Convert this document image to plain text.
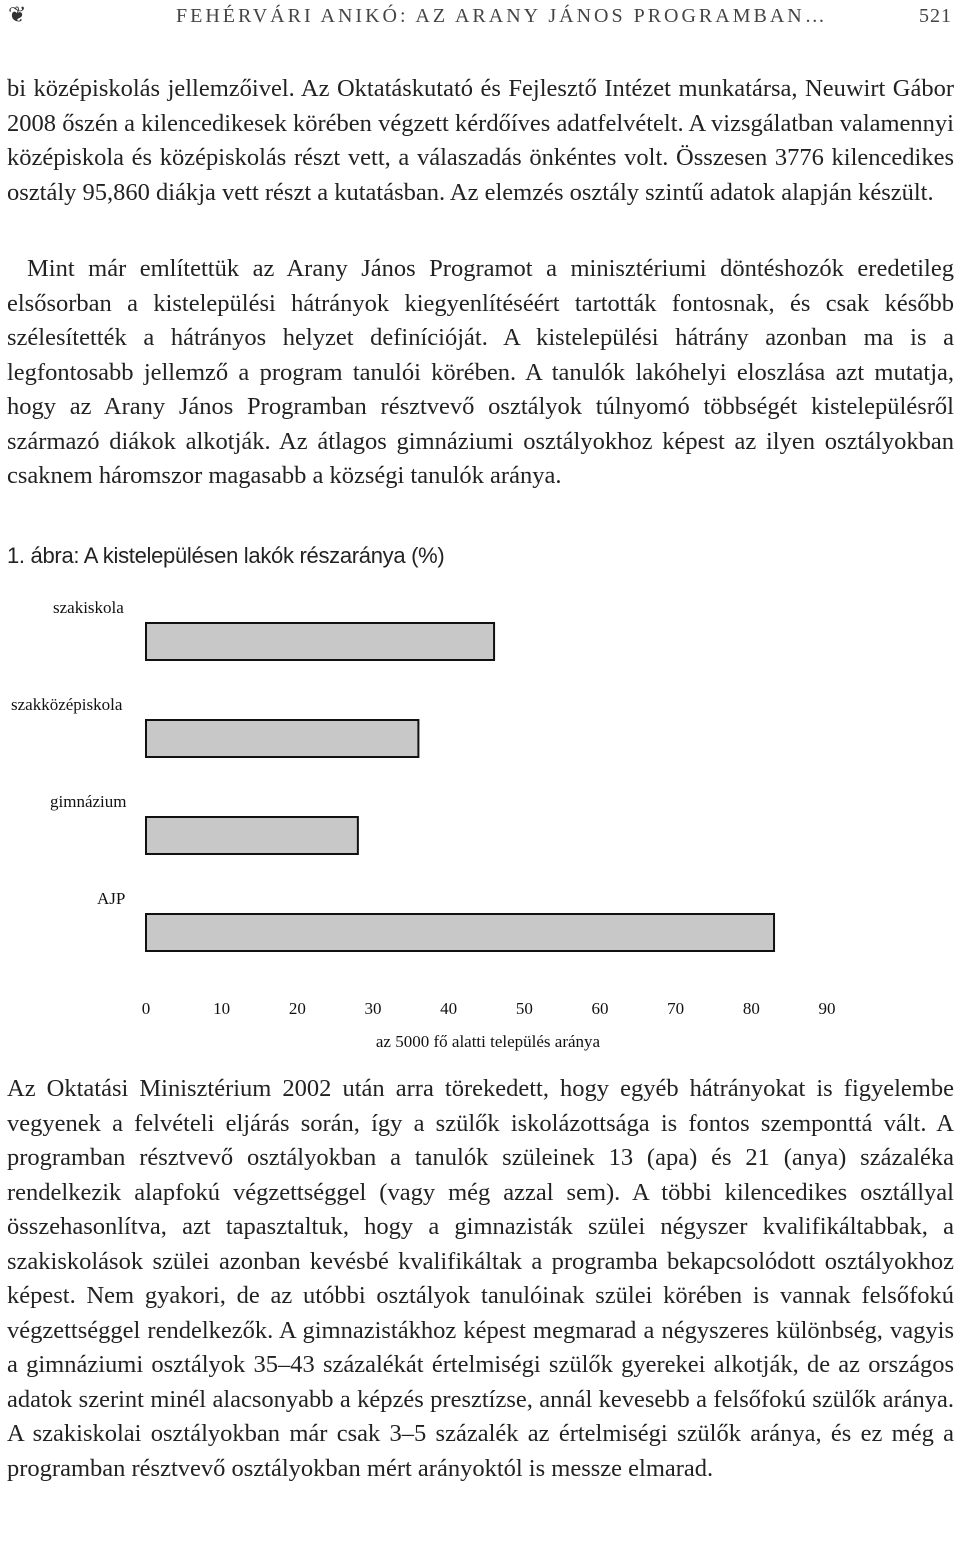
❦	FEHÉRVÁRI ANIKÓ: AZ ARANY JÁNOS PROGRAMBAN…	521

bi középiskolás jellemzőivel. Az Oktatáskutató és Fejlesztő Intézet munkatársa, Neuwirt Gábor 2008 őszén a kilencedikesek körében végzett kérdőíves adatfelvételt. A vizsgálatban valamennyi középiskola és középiskolás részt vett, a válaszadás önkéntes volt. Összesen 3776 kilencedikes osztály 95,860 diákja vett részt a kutatásban. Az elemzés osztály szintű adatok alapján készült.

Mint már említettük az Arany János Programot a minisztériumi döntéshozók eredetileg elsősorban a kistelepülési hátrányok kiegyenlítéséért tartották fontosnak, és csak később szélesítették a hátrányos helyzet definícióját. A kistelepülési hátrány azonban ma is a legfontosabb jellemző a program tanulói körében. A tanulók lakóhelyi eloszlása azt mutatja, hogy az Arany János Programban résztvevő osztályok túlnyomó többségét kistelepülésről származó diákok alkotják. Az átlagos gimnáziumi osztályokhoz képest az ilyen osztályokban csaknem háromszor magasabb a községi tanulók aránya.

1. ábra: A kistelepülésen lakók részaránya (%)
szakiskola
szakközépiskola
gimnázium
AJP
0	10	20	30	40	50	60	70	80	90
az 5000 fő alatti település aránya

Az Oktatási Minisztérium 2002 után arra törekedett, hogy egyéb hátrányokat is figyelembe vegyenek a felvételi eljárás során, így a szülők iskolázottsága is fontos szemponttá vált. A programban résztvevő osztályokban a tanulók szüleinek 13 (apa) és 21 (anya) százaléka rendelkezik alapfokú végzettséggel (vagy még azzal sem). A többi kilencedikes osztállyal összehasonlítva, azt tapasztaltuk, hogy a gimnazisták szülei négyszer kvalifikáltabbak, a szakiskolások szülei azonban kevésbé kvalifikáltak a programba bekapcsolódott osztályokhoz képest. Nem gyakori, de az utóbbi osztályok tanulóinak szülei körében is vannak felsőfokú végzettséggel rendelkezők. A gimnazistákhoz képest megmarad a négyszeres különbség, vagyis a gimnáziumi osztályok 35–43 százalékát értelmiségi szülők gyerekei alkotják, de az országos adatok szerint minél alacsonyabb a képzés presztízse, annál kevesebb a felsőfokú szülők aránya. A szakiskolai osztályokban már csak 3–5 százalék az értelmiségi szülők aránya, és ez még a programban résztvevő osztályokban mért arányoktól is messze elmarad.
